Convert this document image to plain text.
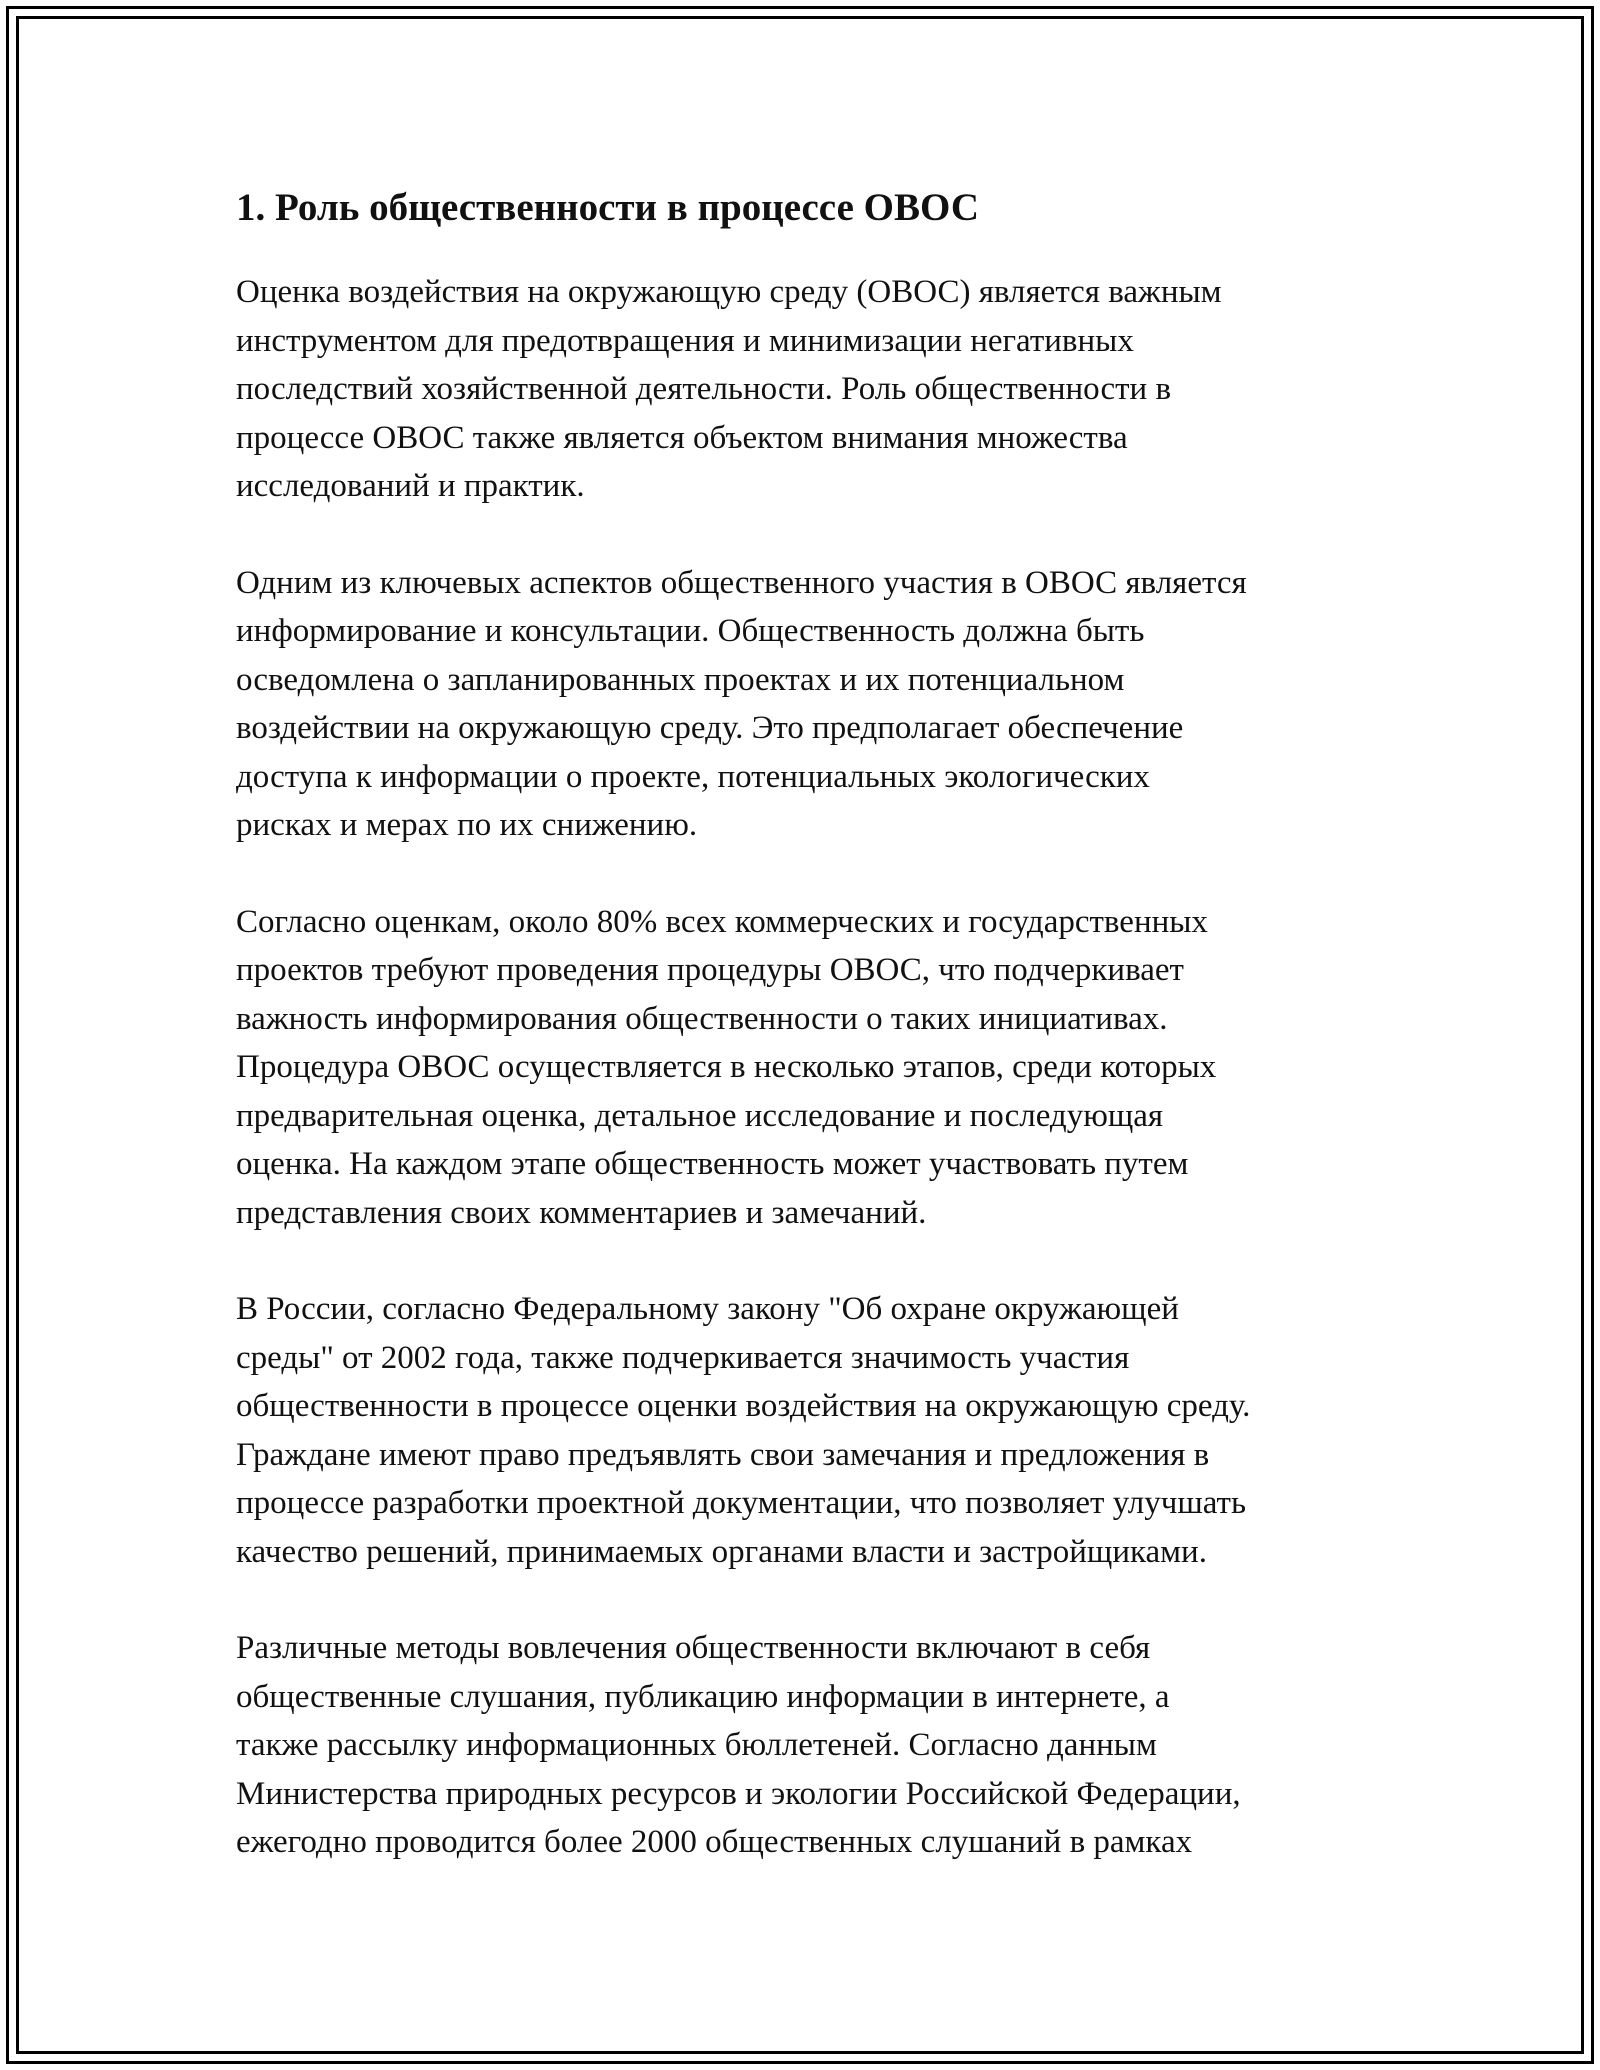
1. Роль общественности в процессе ОВОС
Оценка воздействия на окружающую среду (ОВОС) является важным
инструментом для предотвращения и минимизации негативных
последствий хозяйственной деятельности. Роль общественности в
процессе ОВОС также является объектом внимания множества
исследований и практик.
Одним из ключевых аспектов общественного участия в ОВОС является
информирование и консультации. Общественность должна быть
осведомлена о запланированных проектах и их потенциальном
воздействии на окружающую среду. Это предполагает обеспечение
доступа к информации о проекте, потенциальных экологических
рисках и мерах по их снижению.
Согласно оценкам, около 80% всех коммерческих и государственных
проектов требуют проведения процедуры ОВОС, что подчеркивает
важность информирования общественности о таких инициативах.
Процедура ОВОС осуществляется в несколько этапов, среди которых
предварительная оценка, детальное исследование и последующая
оценка. На каждом этапе общественность может участвовать путем
представления своих комментариев и замечаний.
В России, согласно Федеральному закону "Об охране окружающей
среды" от 2002 года, также подчеркивается значимость участия
общественности в процессе оценки воздействия на окружающую среду.
Граждане имеют право предъявлять свои замечания и предложения в
процессе разработки проектной документации, что позволяет улучшать
качество решений, принимаемых органами власти и застройщиками.
Различные методы вовлечения общественности включают в себя
общественные слушания, публикацию информации в интернете, а
также рассылку информационных бюллетеней. Согласно данным
Министерства природных ресурсов и экологии Российской Федерации,
ежегодно проводится более 2000 общественных слушаний в рамках
